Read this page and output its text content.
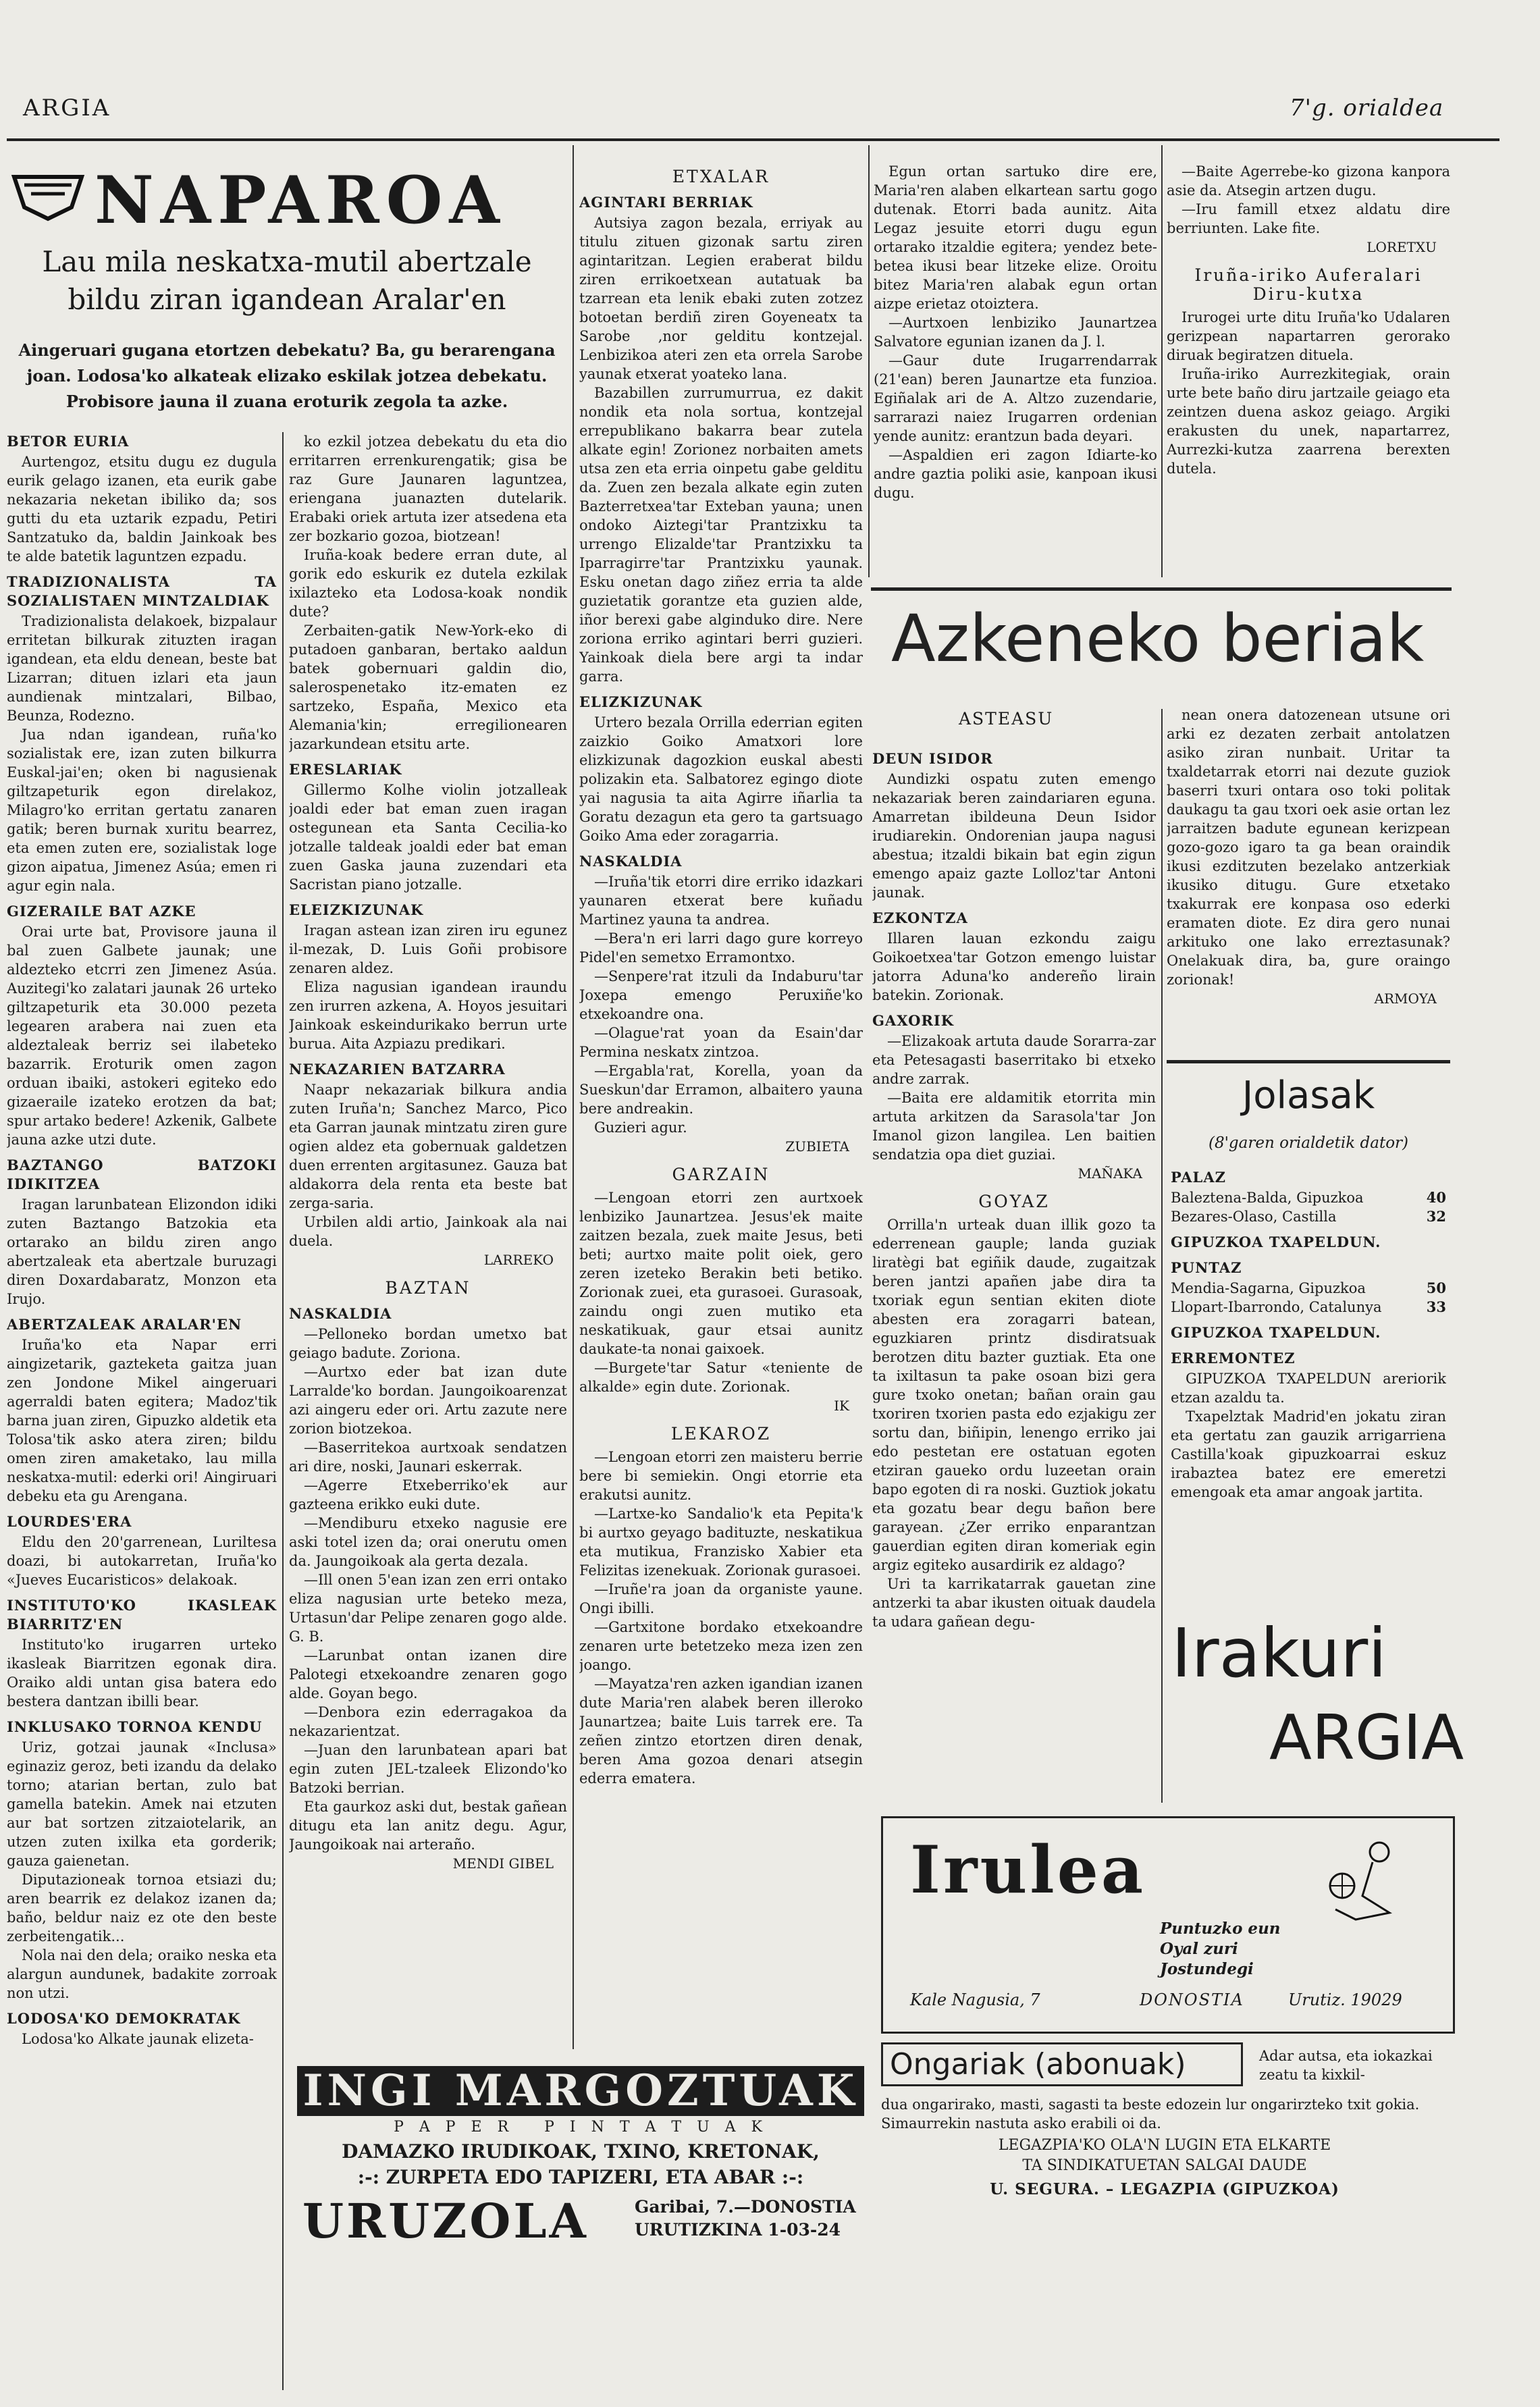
ARGIA	7'g. orialdea
NAPAROA
Lau mila neskatxa-mutil abertzale bildu ziran igandean Aralar'en
Aingeruari gugana etortzen debekatu? Ba, gu berarengana joan. Lodosa'ko alkateak elizako eskilak jotzea debekatu. Probisore jauna il zuana eroturik zegola ta azke.
BETOR EURIA

Aurtengoz, etsitu dugu ez dugula eurik gelago izanen, eta eurik gabe nekazaria neketan ibiliko da; sos gutti du eta uztarik ezpadu, Petiri Santzatuko da, baldin Jainkoak bes te alde batetik laguntzen ezpadu.

TRADIZIONALISTA TA SOZIALISTAEN MINTZALDIAK

Tradizionalista delakoek, bizpalaur erritetan bilkurak zituzten iragan igandean, eta eldu denean, beste bat Lizarran; dituen izlari eta jaun aundienak mintzalari, Bilbao, Beunza, Rodezno.

Jua ndan igandean, ruña'ko sozialistak ere, izan zuten bilkurra Euskal-jai'en; oken bi nagusienak giltzapeturik egon direlakoz, Milagro'ko erritan gertatu zanaren gatik; beren burnak xuritu bearrez, eta emen zuten ere, sozialistak loge gizon aipatua, Jimenez Asúa; emen ri agur egin nala.

GIZERAILE BAT AZKE

Orai urte bat, Provisore jauna il bal zuen Galbete jaunak; une aldezteko etcrri zen Jimenez Asúa. Auzitegi'ko zalatari jaunak 26 urteko giltzapeturik eta 30.000 pezeta legearen arabera nai zuen eta aldeztaleak berriz sei ilabeteko bazarrik. Eroturik omen zagon orduan ibaiki, astokeri egiteko edo gizaeraile izateko erotzen da bat; spur artako bedere! Azkenik, Galbete jauna azke utzi dute.

BAZTANGO BATZOKI IDIKITZEA

Iragan larunbatean Elizondon idiki zuten Baztango Batzokia eta ortarako an bildu ziren ango abertzaleak eta abertzale buruzagi diren Doxardabaratz, Monzon eta Irujo.

ABERTZALEAK ARALAR'EN

Iruña'ko eta Napar erri aingizetarik, gazteketa gaitza juan zen Jondone Mikel aingeruari agerraldi baten egitera; Madoz'tik barna juan ziren, Gipuzko aldetik eta Tolosa'tik asko atera ziren; bildu omen ziren amaketako, lau milla neskatxa-mutil: ederki ori! Aingiruari debeku eta gu Arengana.

LOURDES'ERA

Eldu den 20'garrenean, Luriltesa doazi, bi autokarretan, Iruña'ko «Jueves Eucaristicos» delakoak.

INSTITUTO'KO IKASLEAK BIARRITZ'EN

Instituto'ko irugarren urteko ikasleak Biarritzen egonak dira. Oraiko aldi untan gisa batera edo bestera dantzan ibilli bear.

INKLUSAKO TORNOA KENDU

Uriz, gotzai jaunak «Inclusa» eginaziz geroz, beti izandu da delako torno; atarian bertan, zulo bat gamella batekin. Amek nai etzuten aur bat sortzen zitzaiotelarik, an utzen zuten ixilka eta gorderik; gauza gaienetan.

Diputazioneak tornoa etsiazi du; aren bearrik ez delakoz izanen da; baño, beldur naiz ez ote den beste zerbeitengatik...

Nola nai den dela; oraiko neska eta alargun aundunek, badakite zorroak non utzi.

LODOSA'KO DEMOKRATAK

Lodosa'ko Alkate jaunak elizeta-

ko ezkil jotzea debekatu du eta dio erritarren errenkurengatik; gisa be raz Gure Jaunaren laguntzea, eriengana juanazten dutelarik. Erabaki oriek artuta izer atsedena eta zer bozkario gozoa, biotzean!

Iruña-koak bedere erran dute, al gorik edo eskurik ez dutela ezkilak ixilazteko eta Lodosa-koak nondik dute?

Zerbaiten-gatik New-York-eko di putadoen ganbaran, bertako aaldun batek gobernuari galdin dio, salerospenetako itz-ematen ez sartzeko, España, Mexico eta Alemania'kin; erregilionearen jazarkundean etsitu arte.

ERESLARIAK

Gillermo Kolhe violin jotzalleak joaldi eder bat eman zuen iragan ostegunean eta Santa Cecilia-ko jotzalle taldeak joaldi eder bat eman zuen Gaska jauna zuzendari eta Sacristan piano jotzalle.

ELEIZKIZUNAK

Iragan astean izan ziren iru egunez il-mezak, D. Luis Goñi probisore zenaren aldez.

Eliza nagusian igandean iraundu zen irurren azkena, A. Hoyos jesuitari Jainkoak eskeindurikako berrun urte burua. Aita Azpiazu predikari.

NEKAZARIEN BATZARRA

Naapr nekazariak bilkura andia zuten Iruña'n; Sanchez Marco, Pico eta Garran jaunak mintzatu ziren gure ogien aldez eta gobernuak galdetzen duen errenten argitasunez. Gauza bat aldakorra dela renta eta beste bat zerga-saria.

Urbilen aldi artio, Jainkoak ala nai duela.

LARREKO
BAZTAN
NASKALDIA

—Pelloneko bordan umetxo bat geiago badute. Zoriona.

—Aurtxo eder bat izan dute Larralde'ko bordan. Jaungoikoarenzat azi aingeru eder ori. Artu zazute nere zorion biotzekoa.

—Baserritekoa aurtxoak sendatzen ari dire, noski, Jaunari eskerrak.

—Agerre Etxeberriko'ek aur gazteena erikko euki dute.

—Mendiburu etxeko nagusie ere aski totel izen da; orai onerutu omen da. Jaungoikoak ala gerta dezala.

—Ill onen 5'ean izan zen erri ontako eliza nagusian urte beteko meza, Urtasun'dar Pelipe zenaren gogo alde. G. B.

—Larunbat ontan izanen dire Palotegi etxekoandre zenaren gogo alde. Goyan bego.

—Denbora ezin ederragakoa da nekazarientzat.

—Juan den larunbatean apari bat egin zuten JEL-tzaleek Elizondo'ko Batzoki berrian.

Eta gaurkoz aski dut, bestak gañean ditugu eta lan anitz degu. Agur, Jaungoikoak nai arteraño.

MENDI GIBEL
ETXALAR
AGINTARI BERRIAK

Autsiya zagon bezala, erriyak au titulu zituen gizonak sartu ziren agintaritzan. Legien eraberat bildu ziren errikoetxean autatuak ba tzarrean eta lenik ebaki zuten zotzez botoetan berdiñ ziren Goyeneatx ta Sarobe ,nor gelditu kontzejal. Lenbizikoa ateri zen eta orrela Sarobe yaunak etxerat yoateko lana.

Bazabillen zurrumurrua, ez dakit nondik eta nola sortua, kontzejal errepublikano bakarra bear zutela alkate egin! Zorionez norbaiten amets utsa zen eta erria oinpetu gabe gelditu da. Zuen zen bezala alkate egin zuten Bazterretxea'tar Exteban yauna; unen ondoko Aiztegi'tar Prantzixku ta urrengo Elizalde'tar Prantzixku ta Iparragirre'tar Prantzixku yaunak. Esku onetan dago ziñez erria ta alde guzietatik gorantze eta guzien alde, iñor berexi gabe alginduko dire. Nere zoriona erriko agintari berri guzieri. Yainkoak diela bere argi ta indar garra.

ELIZKIZUNAK

Urtero bezala Orrilla ederrian egiten zaizkio Goiko Amatxori lore elizkizunak dagozkion euskal abesti polizakin eta. Salbatorez egingo diote yai nagusia ta aita Agirre iñarlia ta Goratu dezagun eta gero ta gartsuago Goiko Ama eder zoragarria.

NASKALDIA

—Iruña'tik etorri dire erriko idazkari yaunaren etxerat bere kuñadu Martinez yauna ta andrea.

—Bera'n eri larri dago gure korreyo Pidel'en semetxo Erramontxo.

—Senpere'rat itzuli da Indaburu'tar Joxepa emengo Peruxiñe'ko etxekoandre ona.

—Olague'rat yoan da Esain'dar Permina neskatx zintzoa.

—Ergabla'rat, Korella, yoan da Sueskun'dar Erramon, albaitero yauna bere andreakin.

Guzieri agur.

ZUBIETA
GARZAIN

—Lengoan etorri zen aurtxoek lenbiziko Jaunartzea. Jesus'ek maite zaitzen bezala, zuek maite Jesus, beti beti; aurtxo maite polit oiek, gero zeren izeteko Berakin beti betiko. Zorionak zuei, eta gurasoei. Gurasoak, zaindu ongi zuen mutiko eta neskatikuak, gaur etsai aunitz daukate-ta nonai gaixoek.

—Burgete'tar Satur «teniente de alkalde» egin dute. Zorionak.

IK
LEKAROZ

—Lengoan etorri zen maisteru berrie bere bi semiekin. Ongi etorrie eta erakutsi aunitz.

—Lartxe-ko Sandalio'k eta Pepita'k bi aurtxo geyago badituzte, neskatikua eta mutikua, Franzisko Xabier eta Felizitas izenekuak. Zorionak gurasoei.

—Iruñe'ra joan da organiste yaune. Ongi ibilli.

—Gartxitone bordako etxekoandre zenaren urte betetzeko meza izen zen joango.

—Mayatza'ren azken igandian izanen dute Maria'ren alabek beren illeroko Jaunartzea; baite Luis tarrek ere. Ta zeñen zintzo etortzen diren denak, beren Ama gozoa denari atsegin ederra ematera.

Egun ortan sartuko dire ere, Maria'ren alaben elkartean sartu gogo dutenak. Etorri bada aunitz. Aita Legaz jesuite etorri dugu egun ortarako itzaldie egitera; yendez bete-betea ikusi bear litzeke elize. Oroitu bitez Maria'ren alabak egun ortan aizpe erietaz otoiztera.

—Aurtxoen lenbiziko Jaunartzea Salvatore egunian izanen da J. l.

—Gaur dute Irugarrendarrak (21'ean) beren Jaunartze eta funzioa. Egiñalak ari de A. Altzo zuzendarie, sarrarazi naiez Irugarren ordenian yende aunitz: erantzun bada deyari.

—Aspaldien eri zagon Idiarte-ko andre gaztia poliki asie, kanpoan ikusi dugu.

—Baite Agerrebe-ko gizona kanpora asie da. Atsegin artzen dugu.

—Iru famill etxez aldatu dire berriunten. Lake fite.

LORETXU
Iruña-iriko Auferalari Diru-kutxa

Irurogei urte ditu Iruña'ko Udalaren gerizpean napartarren gerorako diruak begiratzen dituela.

Iruña-iriko Aurrezkitegiak, orain urte bete baño diru jartzaile geiago eta zeintzen duena askoz geiago. Argiki erakusten du unek, napartarrez, Aurrezki-kutza zaarrena berexten dutela.

Azkeneko beriak
ASTEASU
DEUN ISIDOR

Aundizki ospatu zuten emengo nekazariak beren zaindariaren eguna. Amarretan ibildeuna Deun Isidor irudiarekin. Ondorenian jaupa nagusi abestua; itzaldi bikain bat egin zigun emengo apaiz gazte Lolloz'tar Antoni jaunak.

EZKONTZA

Illaren lauan ezkondu zaigu Goikoetxea'tar Gotzon emengo luistar jatorra Aduna'ko andereño lirain batekin. Zorionak.

GAXORIK

—Elizakoak artuta daude Sorarra-zar eta Petesagasti baserritako bi etxeko andre zarrak.

—Baita ere aldamitik etorrita min artuta arkitzen da Sarasola'tar Jon Imanol gizon langilea. Len baitien sendatzia opa diet guziai.

MAÑAKA
GOYAZ

Orrilla'n urteak duan illik gozo ta ederrenean gauple; landa guziak liratègi bat egiñik daude, zugaitzak beren jantzi apañen jabe dira ta txoriak egun sentian ekiten diote abesten era zoragarri batean, eguzkiaren printz disdiratsuak berotzen ditu bazter guztiak. Eta one ta ixiltasun ta pake osoan bizi gera gure txoko onetan; bañan orain gau txoriren txorien pasta edo ezjakigu zer sortu dan, biñipin, lenengo erriko jai edo pestetan ere ostatuan egoten etziran gaueko ordu luzeetan orain bapo egoten di ra noski. Guztiok jokatu eta gozatu bear degu bañon bere garayean. ¿Zer erriko enparantzan gauerdian egiten diran komeriak egin argiz egiteko ausardirik ez aldago?

Uri ta karrikatarrak gauetan zine antzerki ta abar ikusten oituak daudela ta udara gañean degu-

nean onera datozenean utsune ori arki ez dezaten zerbait antolatzen asiko ziran nunbait. Uritar ta txaldetarrak etorri nai dezute guziok baserri txuri ontara oso toki politak daukagu ta gau txori oek asie ortan lez jarraitzen badute egunean kerizpean gozo-gozo igaro ta ga bean oraindik ikusi ezditzuten bezelako antzerkiak ikusiko ditugu. Gure etxetako txakurrak ere konpasa oso ederki eramaten diote. Ez dira gero nunai arkituko one lako erreztasunak? Onelakuak dira, ba, gure oraingo zorionak!

ARMOYA
Jolasak
(8'garen orialdetik dator)
PALAZ
Baleztena-Balda, Gipuzkoa	40
Bezares-Olaso, Castilla	32
GIPUZKOA TXAPELDUN.
PUNTAZ
Mendia-Sagarna, Gipuzkoa	50
Llopart-Ibarrondo, Catalunya	33
GIPUZKOA TXAPELDUN.
ERREMONTEZ

GIPUZKOA TXAPELDUN areriorik etzan azaldu ta.

Txapelztak Madrid'en jokatu ziran eta gertatu zan gauzik arrigarriena Castilla'koak gipuzkoarrai eskuz irabaztea batez ere emeretzi emengoak eta amar angoak jartita.

Irakuri
ARGIA
Irulea
Puntuzko eun
Oyal zuri
Jostundegi
Kale Nagusia, 7	DONOSTIA	Urutiz. 19029
Ongariak (abonuak)	Adar autsa, eta iokazkai zeatu ta kixkil-
dua ongarirako, masti, sagasti ta beste edozein lur ongarirzteko txit gokia. Simaurrekin nastuta asko erabili oi da.
LEGAZPIA'KO OLA'N LUGIN ETA ELKARTE
TA SINDIKATUETAN SALGAI DAUDE
U. SEGURA. – LEGAZPIA (GIPUZKOA)
INGI MARGOZTUAK
P A P E R   P I N T A T U A K
DAMAZKO IRUDIKOAK, TXINO, KRETONAK,
:-: ZURPETA EDO TAPIZERI, ETA ABAR :-:
URUZOLA	Garibai, 7.—DONOSTIA
URUTIZKINA 1-03-24
